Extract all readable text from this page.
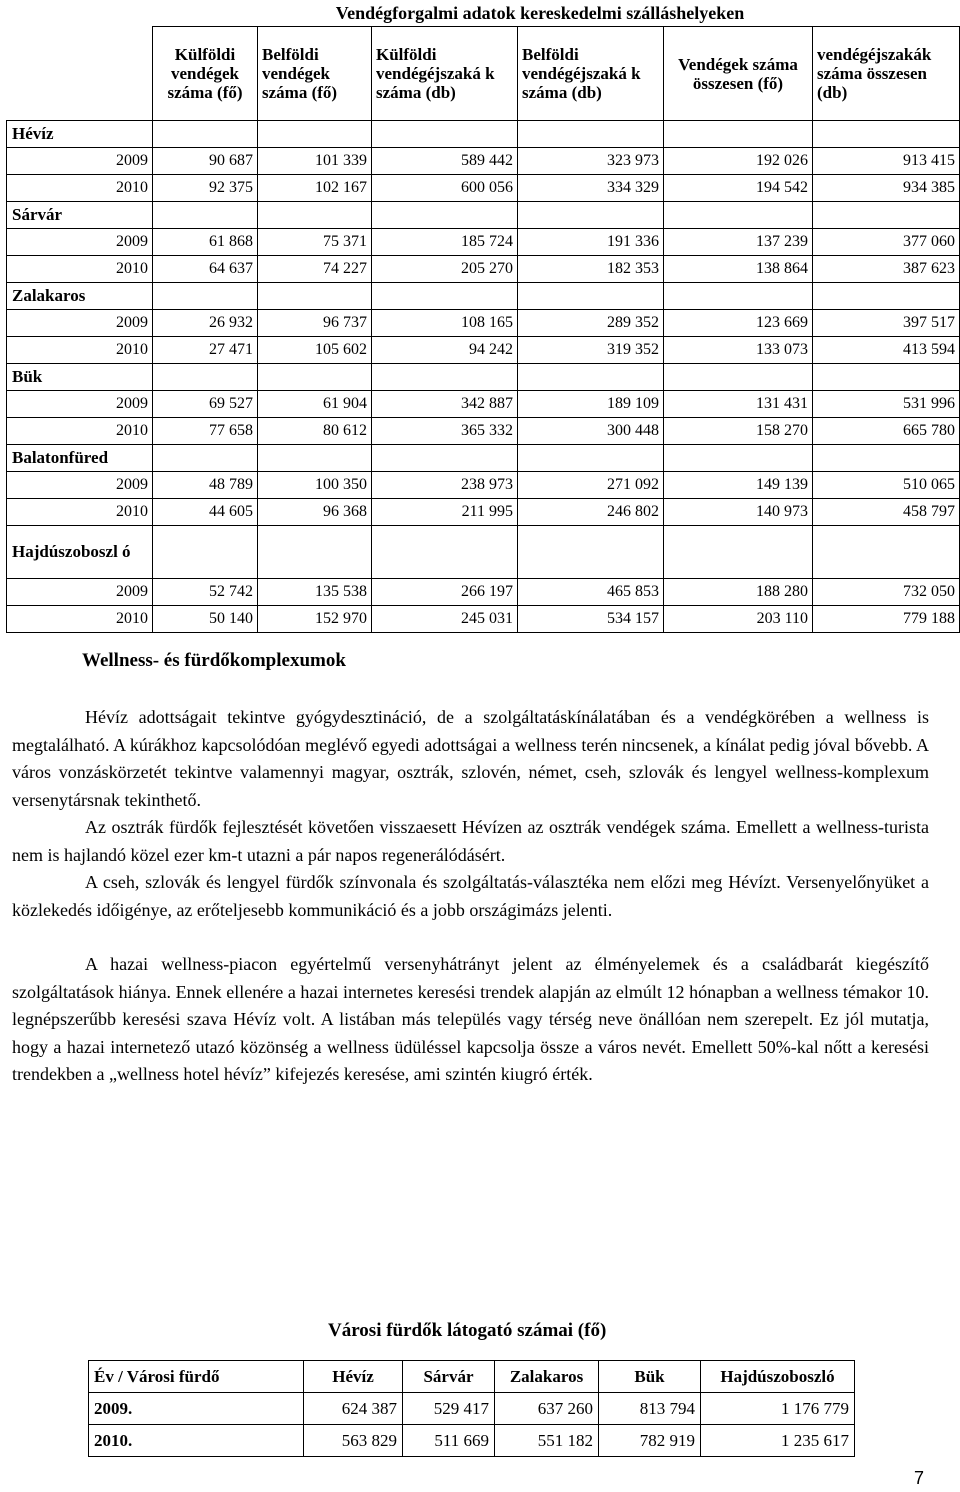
Vendégforgalmi adatok kereskedelmi szálláshelyeken
	Külföldi vendégek száma (fő)	Belföldi vendégek száma (fő)	Külföldi vendégéjszaká k száma (db)	Belföldi vendégéjszaká k száma (db)	Vendégek száma összesen (fő)	vendégéjszakák száma összesen (db)
Hévíz						
2009	90 687	101 339	589 442	323 973	192 026	913 415
2010	92 375	102 167	600 056	334 329	194 542	934 385
Sárvár						
2009	61 868	75 371	185 724	191 336	137 239	377 060
2010	64 637	74 227	205 270	182 353	138 864	387 623
Zalakaros						
2009	26 932	96 737	108 165	289 352	123 669	397 517
2010	27 471	105 602	94 242	319 352	133 073	413 594
Bük						
2009	69 527	61 904	342 887	189 109	131 431	531 996
2010	77 658	80 612	365 332	300 448	158 270	665 780
Balatonfüred						
2009	48 789	100 350	238 973	271 092	149 139	510 065
2010	44 605	96 368	211 995	246 802	140 973	458 797
Hajdúszoboszl ó						
2009	52 742	135 538	266 197	465 853	188 280	732 050
2010	50 140	152 970	245 031	534 157	203 110	779 188
Wellness- és fürdőkomplexumok

Hévíz adottságait tekintve gyógydesztináció, de a szolgáltatáskínálatában és a vendégkörében a wellness is megtalálható. A kúrákhoz kapcsolódóan meglévő egyedi adottságai a wellness terén nincsenek, a kínálat pedig jóval bővebb. A város vonzáskörzetét tekintve valamennyi magyar, osztrák, szlovén, német, cseh, szlovák és lengyel wellness-komplexum versenytársnak tekinthető.

Az osztrák fürdők fejlesztését követően visszaesett Hévízen az osztrák vendégek száma. Emellett a wellness-turista nem is hajlandó közel ezer km-t utazni a pár napos regenerálódásért.

A cseh, szlovák és lengyel fürdők színvonala és szolgáltatás-választéka nem előzi meg Hévízt. Versenyelőnyüket a közlekedés időigénye, az erőteljesebb kommunikáció és a jobb országimázs jelenti.

A hazai wellness-piacon egyértelmű versenyhátrányt jelent az élményelemek és a családbarát kiegészítő szolgáltatások hiánya. Ennek ellenére a hazai internetes keresési trendek alapján az elmúlt 12 hónapban a wellness témakor 10. legnépszerűbb keresési szava Hévíz volt. A listában más település vagy térség neve önállóan nem szerepelt. Ez jól mutatja, hogy a hazai internetező utazó közönség a wellness üdüléssel kapcsolja össze a város nevét. Emellett 50%-kal nőtt a keresési trendekben a „wellness hotel hévíz” kifejezés keresése, ami szintén kiugró érték.

Városi fürdők látogató számai (fő)
Év / Városi fürdő	Hévíz	Sárvár	Zalakaros	Bük	Hajdúszoboszló
2009.	624 387	529 417	637 260	813 794	1 176 779
2010.	563 829	511 669	551 182	782 919	1 235 617
7
